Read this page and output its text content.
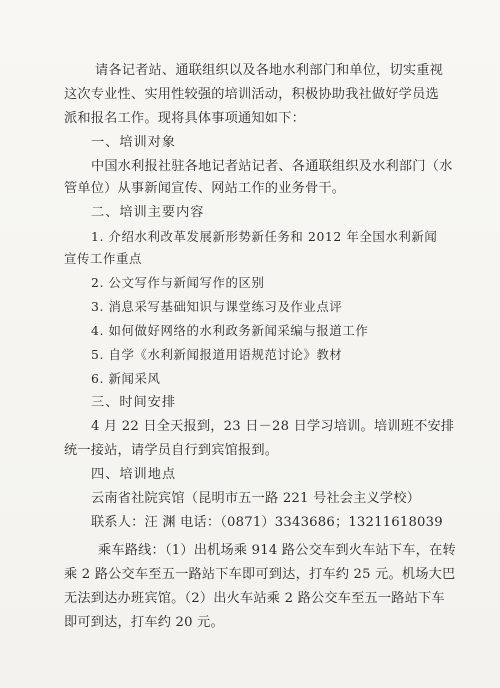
请各记者站、通联组织以及各地水利部门和单位，切实重视
这次专业性、实用性较强的培训活动，积极协助我社做好学员选
派和报名工作。现将具体事项通知如下：
一、培训对象
中国水利报社驻各地记者站记者、各通联组织及水利部门（水
管单位）从事新闻宣传、网站工作的业务骨干。
二、培训主要内容
1. 介绍水利改革发展新形势新任务和 2012 年全国水利新闻
宣传工作重点
2. 公文写作与新闻写作的区别
3. 消息采写基础知识与课堂练习及作业点评
4. 如何做好网络的水利政务新闻采编与报道工作
5. 自学《水利新闻报道用语规范讨论》教材
6. 新闻采风
三、时间安排
4 月 22 日全天报到，23 日－28 日学习培训。培训班不安排
统一接站，请学员自行到宾馆报到。
四、培训地点
云南省社院宾馆（昆明市五一路 221 号社会主义学校）
联系人：汪 渊 电话：（0871）3343686；13211618039
乘车路线：（1）出机场乘 914 路公交车到火车站下车，在转
乘 2 路公交车至五一路站下车即可到达，打车约 25 元。机场大巴
无法到达办班宾馆。（2）出火车站乘 2 路公交车至五一路站下车
即可到达，打车约 20 元。
